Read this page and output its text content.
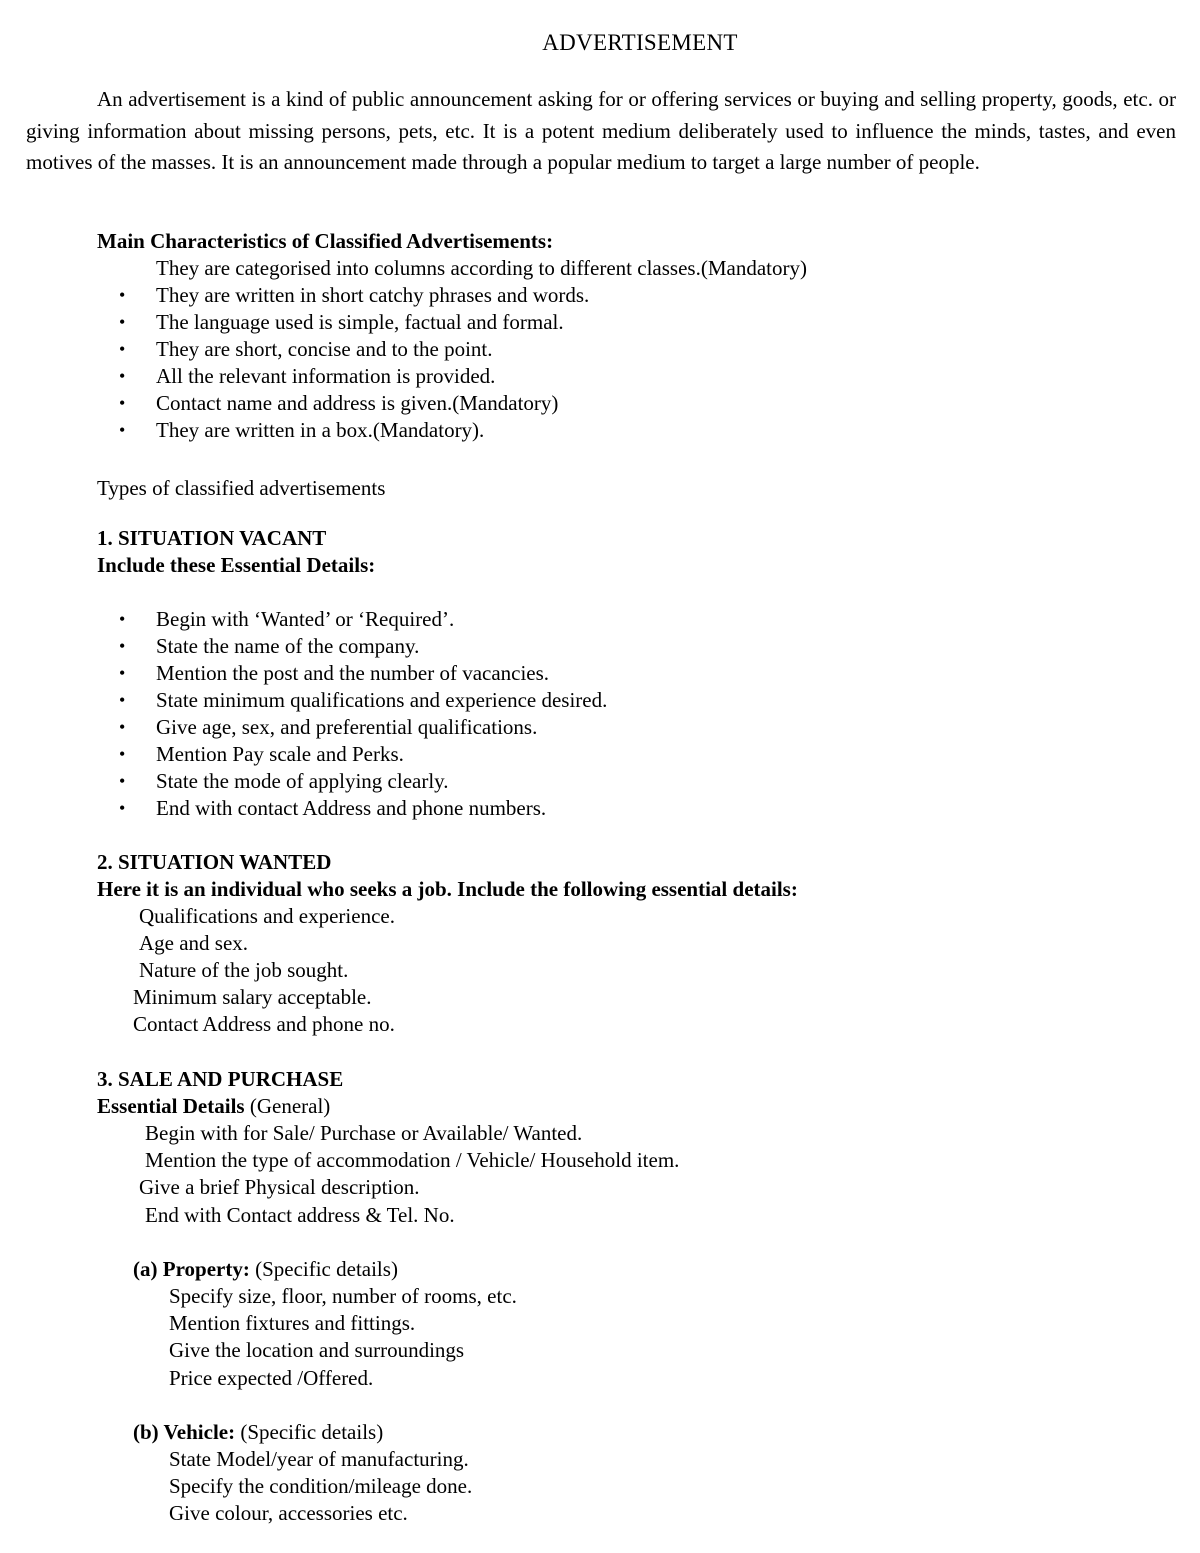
ADVERTISEMENT
An advertisement is a kind of public announcement asking for or offering services or buying and selling property, goods, etc. or giving information about missing persons, pets, etc. It is a potent medium deliberately used to influence the minds, tastes, and even motives of the masses. It is an announcement made through a popular medium to target a large number of people.
Main Characteristics of Classified Advertisements:
They are categorised into columns according to different classes.(Mandatory)
• They are written in short catchy phrases and words.
• The language used is simple, factual and formal.
• They are short, concise and to the point.
• All the relevant information is provided.
• Contact name and address is given.(Mandatory)
• They are written in a box.(Mandatory).
Types of classified advertisements
1. SITUATION VACANT
Include these Essential Details:
• Begin with ‘Wanted’ or ‘Required’.
• State the name of the company.
• Mention the post and the number of vacancies.
• State minimum qualifications and experience desired.
• Give age, sex, and preferential qualifications.
• Mention Pay scale and Perks.
• State the mode of applying clearly.
• End with contact Address and phone numbers.
2. SITUATION WANTED
Here it is an individual who seeks a job. Include the following essential details:
Qualifications and experience.
Age and sex.
Nature of the job sought.
Minimum salary acceptable.
Contact Address and phone no.
3. SALE AND PURCHASE
Essential Details (General)
Begin with for Sale/ Purchase or Available/ Wanted.
Mention the type of accommodation / Vehicle/ Household item.
Give a brief Physical description.
End with Contact address & Tel. No.
(a) Property: (Specific details)
Specify size, floor, number of rooms, etc.
Mention fixtures and fittings.
Give the location and surroundings
Price expected /Offered.
(b) Vehicle: (Specific details)
State Model/year of manufacturing.
Specify the condition/mileage done.
Give colour, accessories etc.
